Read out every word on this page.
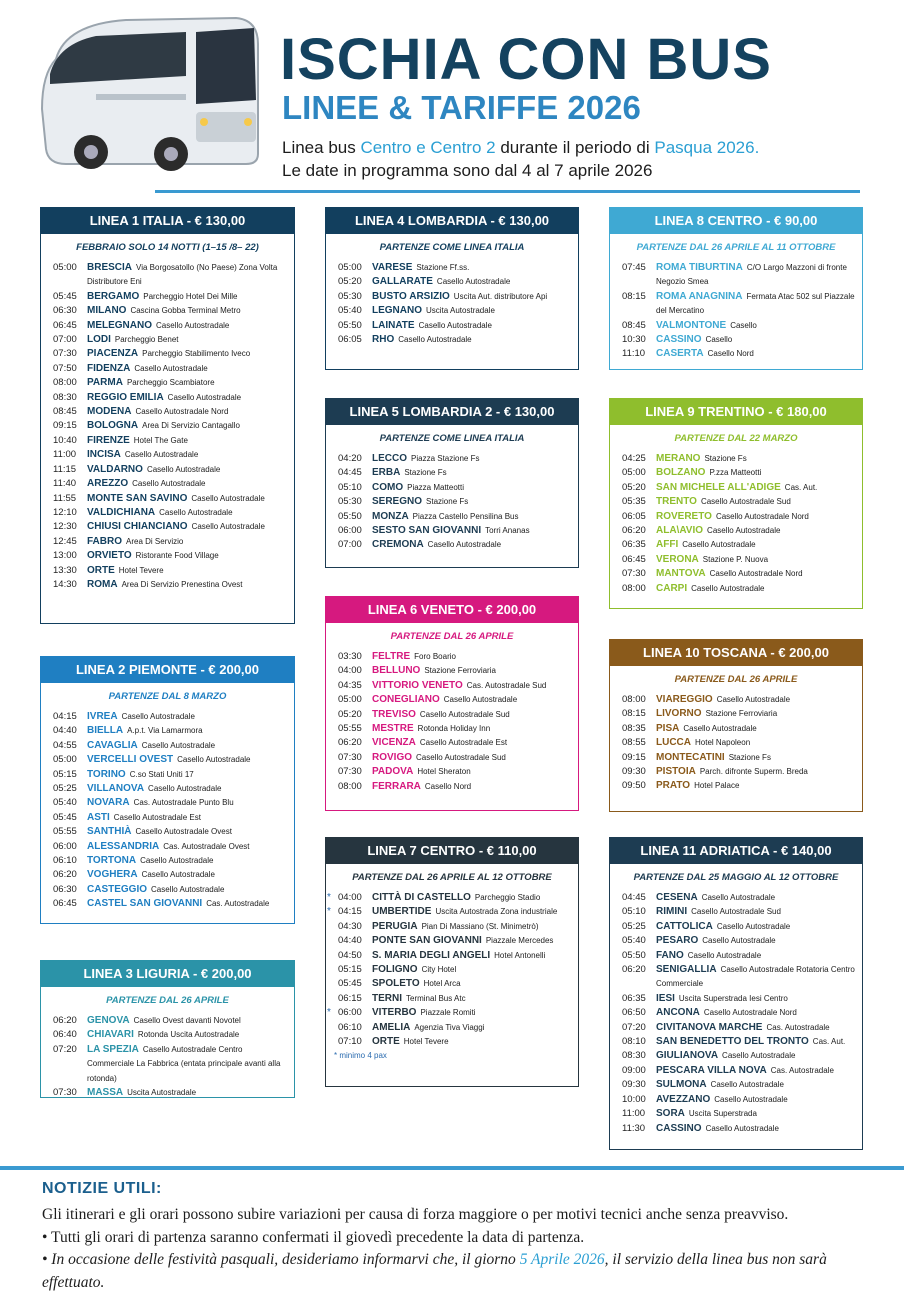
ISCHIA CON BUS
LINEE & TARIFFE 2026
Linea bus Centro e Centro 2 durante il periodo di Pasqua 2026.
Le date in programma sono dal 4 al 7 aprile 2026
LINEA 1 ITALIA - € 130,00
FEBBRAIO SOLO 14 NOTTI (1–15 /8– 22)
05:00	BRESCIA Via Borgosatollo (No Paese) Zona Volta Distributore Eni
05:45	BERGAMO Parcheggio Hotel Dei Mille
06:30	MILANO Cascina Gobba Terminal Metro
06:45	MELEGNANO Casello Autostradale
07:00	LODI Parcheggio Benet
07:30	PIACENZA Parcheggio Stabilimento Iveco
07:50	FIDENZA Casello Autostradale
08:00	PARMA Parcheggio Scambiatore
08:30	REGGIO EMILIA Casello Autostradale
08:45	MODENA Casello Autostradale Nord
09:15	BOLOGNA Area Di Servizio Cantagallo
10:40	FIRENZE Hotel The Gate
11:00	INCISA Casello Autostradale
11:15	VALDARNO Casello Autostradale
11:40	AREZZO Casello Autostradale
11:55	MONTE SAN SAVINO Casello Autostradale
12:10	VALDICHIANA Casello Autostradale
12:30	CHIUSI CHIANCIANO Casello Autostradale
12:45	FABRO Area Di Servizio
13:00	ORVIETO Ristorante Food Village
13:30	ORTE Hotel Tevere
14:30	ROMA Area Di Servizio Prenestina Ovest
LINEA 2 PIEMONTE - € 200,00
PARTENZE DAL 8 MARZO
04:15	IVREA Casello Autostradale
04:40	BIELLA A.p.t. Via Lamarmora
04:55	CAVAGLIA Casello Autostradale
05:00	VERCELLI OVEST Casello Autostradale
05:15	TORINO C.so Stati Uniti 17
05:25	VILLANOVA Casello Autostradale
05:40	NOVARA Cas. Autostradale Punto Blu
05:45	ASTI Casello Autostradale Est
05:55	SANTHIÀ Casello Autostradale Ovest
06:00	ALESSANDRIA Cas. Autostradale Ovest
06:10	TORTONA Casello Autostradale
06:20	VOGHERA Casello Autostradale
06:30	CASTEGGIO Casello Autostradale
06:45	CASTEL SAN GIOVANNI Cas. Autostradale
LINEA 3 LIGURIA - € 200,00
PARTENZE DAL 26 APRILE
06:20	GENOVA Casello Ovest davanti Novotel
06:40	CHIAVARI Rotonda Uscita Autostradale
07:20	LA SPEZIA Casello Autostradale Centro Commerciale La Fabbrica (entata principale avanti alla rotonda)
07:30	MASSA Uscita Autostradale
LINEA 4 LOMBARDIA - € 130,00
PARTENZE COME LINEA ITALIA
05:00	VARESE Stazione Ff.ss.
05:20	GALLARATE Casello Autostradale
05:30	BUSTO ARSIZIO Uscita Aut. distributore Api
05:40	LEGNANO Uscita Autostradale
05:50	LAINATE Casello Autostradale
06:05	RHO Casello Autostradale
LINEA 5 LOMBARDIA 2 - € 130,00
PARTENZE COME LINEA ITALIA
04:20	LECCO Piazza Stazione Fs
04:45	ERBA Stazione Fs
05:10	COMO Piazza Matteotti
05:30	SEREGNO Stazione Fs
05:50	MONZA Piazza Castello Pensilina Bus
06:00	SESTO SAN GIOVANNI Torri Ananas
07:00	CREMONA Casello Autostradale
LINEA 6 VENETO - € 200,00
PARTENZE DAL 26 APRILE
03:30	FELTRE Foro Boario
04:00	BELLUNO Stazione Ferroviaria
04:35	VITTORIO VENETO Cas. Autostradale Sud
05:00	CONEGLIANO Casello Autostradale
05:20	TREVISO Casello Autostradale Sud
05:55	MESTRE Rotonda Holiday Inn
06:20	VICENZA Casello Autostradale Est
07:30	ROVIGO Casello Autostradale Sud
07:30	PADOVA Hotel Sheraton
08:00	FERRARA Casello Nord
LINEA 7 CENTRO - € 110,00
PARTENZE DAL 26 APRILE AL 12 OTTOBRE
* 04:00	CITTÀ DI CASTELLO Parcheggio Stadio
* 04:15	UMBERTIDE Uscita Autostrada Zona industriale
04:30	PERUGIA Pian Di Massiano (St. Minimetrò)
04:40	PONTE SAN GIOVANNI Piazzale Mercedes
04:50	S. MARIA DEGLI ANGELI Hotel Antonelli
05:15	FOLIGNO City Hotel
05:45	SPOLETO Hotel Arca
06:15	TERNI Terminal Bus Atc
* 06:00	VITERBO Piazzale Romiti
06:10	AMELIA Agenzia Tiva Viaggi
07:10	ORTE Hotel Tevere
* minimo 4 pax
LINEA 8 CENTRO - € 90,00
PARTENZE DAL 26 APRILE AL 11 OTTOBRE
07:45	ROMA TIBURTINA C/O Largo Mazzoni di fronte Negozio Smea
08:15	ROMA ANAGNINA Fermata Atac 502 sul Piazzale del Mercatino
08:45	VALMONTONE Casello
10:30	CASSINO Casello
11:10	CASERTA Casello Nord
LINEA 9 TRENTINO - € 180,00
PARTENZE DAL 22 MARZO
04:25	MERANO Stazione Fs
05:00	BOLZANO P.zza Matteotti
05:20	SAN MICHELE ALL'ADIGE Cas. Aut.
05:35	TRENTO Casello Autostradale Sud
06:05	ROVERETO Casello Autostradale Nord
06:20	ALA\AVIO Casello Autostradale
06:35	AFFI Casello Autostradale
06:45	VERONA Stazione P. Nuova
07:30	MANTOVA Casello Autostradale Nord
08:00	CARPI Casello Autostradale
LINEA 10 TOSCANA - € 200,00
PARTENZE DAL 26 APRILE
08:00	VIAREGGIO Casello Autostradale
08:15	LIVORNO Stazione Ferroviaria
08:35	PISA Casello Autostradale
08:55	LUCCA Hotel Napoleon
09:15	MONTECATINI Stazione Fs
09:30	PISTOIA Parch. difronte Superm. Breda
09:50	PRATO Hotel Palace
LINEA 11 ADRIATICA - € 140,00
PARTENZE DAL 25 MAGGIO AL 12 OTTOBRE
04:45	CESENA Casello Autostradale
05:10	RIMINI Casello Autostradale Sud
05:25	CATTOLICA Casello Autostradale
05:40	PESARO Casello Autostradale
05:50	FANO Casello Autostradale
06:20	SENIGALLIA Casello Autostradale Rotatoria Centro Commerciale
06:35	IESI Uscita Superstrada Iesi Centro
06:50	ANCONA Casello Autostradale Nord
07:20	CIVITANOVA MARCHE Cas. Autostradale
08:10	SAN BENEDETTO DEL TRONTO Cas. Aut.
08:30	GIULIANOVA Casello Autostradale
09:00	PESCARA VILLA NOVA Cas. Autostradale
09:30	SULMONA Casello Autostradale
10:00	AVEZZANO Casello Autostradale
11:00	SORA Uscita Superstrada
11:30	CASSINO Casello Autostradale
NOTIZIE UTILI:
Gli itinerari e gli orari possono subire variazioni per causa di forza maggiore o per motivi tecnici anche senza preavviso.
• Tutti gli orari di partenza saranno confermati il giovedì precedente la data di partenza.
• In occasione delle festività pasquali, desideriamo informarvi che, il giorno 5 Aprile 2026, il servizio della linea bus non sarà effettuato.
